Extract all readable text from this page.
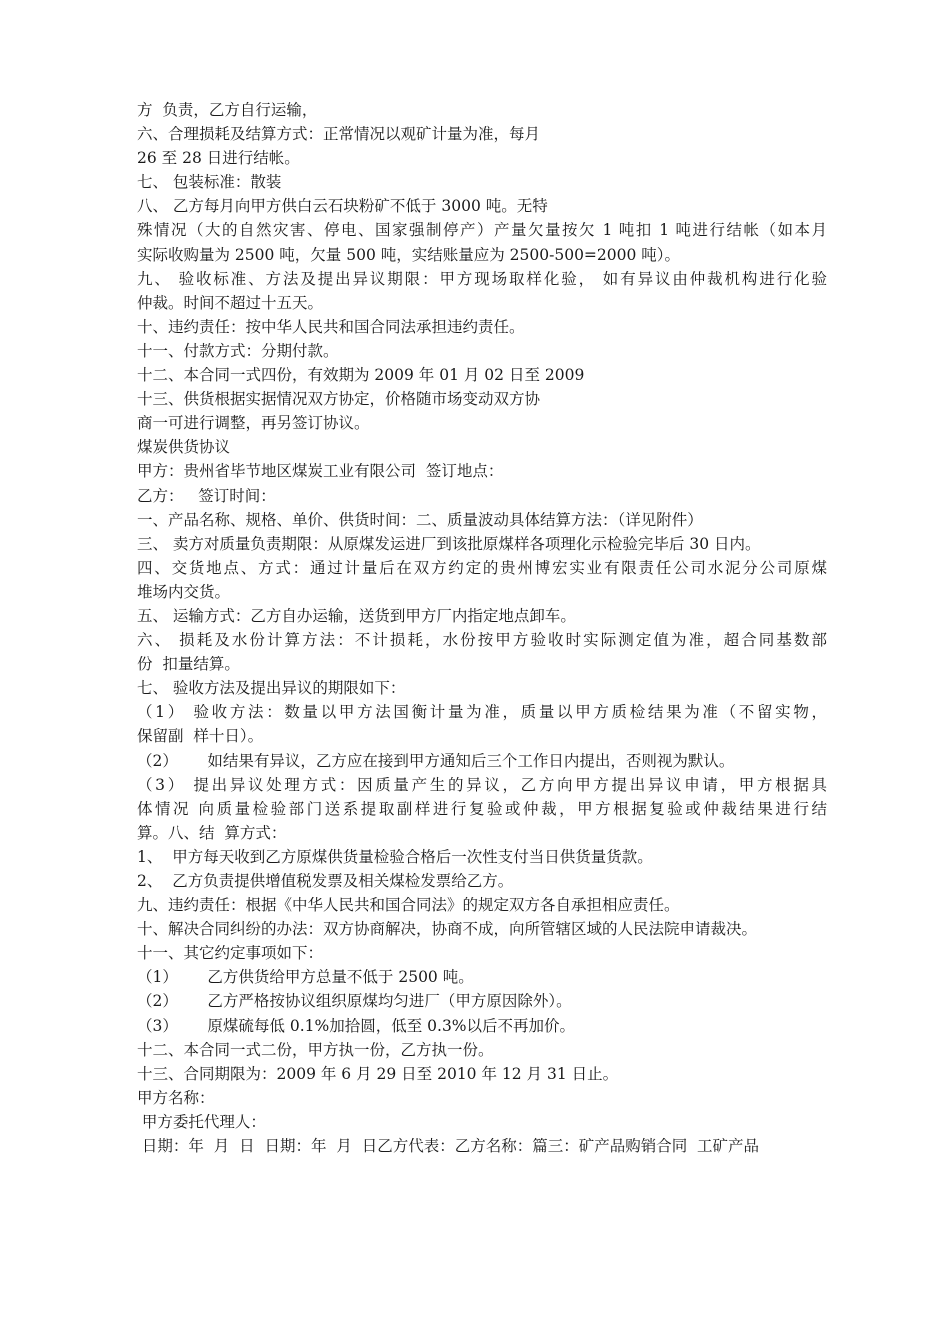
方  负责，乙方自行运输，
六、合理损耗及结算方式：正常情况以观矿计量为准，每月
26 至 28 日进行结帐。
七、 包装标准：散装
八、 乙方每月向甲方供白云石块粉矿不低于 3000 吨。无特
殊情况（大的自然灾害、停电、国家强制停产）产量欠量按欠 1 吨扣 1 吨进行结帐（如本月
实际收购量为 2500 吨，欠量 500 吨，实结账量应为 2500-500=2000 吨）。
九、 验收标准、方法及提出异议期限：甲方现场取样化验， 如有异议由仲裁机构进行化验
仲裁。时间不超过十五天。
十、违约责任：按中华人民共和国合同法承担违约责任。
十一、付款方式：分期付款。
十二、本合同一式四份，有效期为 2009 年 01 月 02 日至 2009
十三、供货根据实据情况双方协定，价格随市场变动双方协
商一可进行调整，再另签订协议。
煤炭供货协议
甲方：贵州省毕节地区煤炭工业有限公司  签订地点：
乙方：   签订时间：
一、产品名称、规格、单价、供货时间：二、质量波动具体结算方法：（详见附件）
三、 卖方对质量负责期限：从原煤发运进厂到该批原煤样各项理化示检验完毕后 30 日内。
四、交货地点、方式：通过计量后在双方约定的贵州博宏实业有限责任公司水泥分公司原煤
堆场内交货。
五、 运输方式：乙方自办运输，送货到甲方厂内指定地点卸车。
六、 损耗及水份计算方法：不计损耗，水份按甲方验收时实际测定值为准，超合同基数部
份  扣量结算。
七、 验收方法及提出异议的期限如下：
（1） 验收方法：数量以甲方法国衡计量为准，质量以甲方质检结果为准（不留实物，
保留副  样十日）。
（2）      如结果有异议，乙方应在接到甲方通知后三个工作日内提出，否则视为默认。
（3） 提出异议处理方式：因质量产生的异议，乙方向甲方提出异议申请，甲方根据具
体情况 向质量检验部门送系提取副样进行复验或仲裁，甲方根据复验或仲裁结果进行结
算。八、结  算方式：
1、  甲方每天收到乙方原煤供货量检验合格后一次性支付当日供货量货款。
2、  乙方负责提供增值税发票及相关煤检发票给乙方。
九、违约责任：根据《中华人民共和国合同法》的规定双方各自承担相应责任。
十、解决合同纠纷的办法：双方协商解决，协商不成，向所管辖区域的人民法院申请裁决。
十一、其它约定事项如下：
（1）      乙方供货给甲方总量不低于 2500 吨。
（2）      乙方严格按协议组织原煤均匀进厂（甲方原因除外）。
（3）      原煤硫每低 0.1%加拾圆，低至 0.3%以后不再加价。
十二、本合同一式二份，甲方执一份，乙方执一份。
十三、合同期限为：2009 年 6 月 29 日至 2010 年 12 月 31 日止。
甲方名称：
甲方委托代理人：
日期：年  月  日  日期：年  月  日乙方代表：乙方名称：篇三：矿产品购销合同  工矿产品
